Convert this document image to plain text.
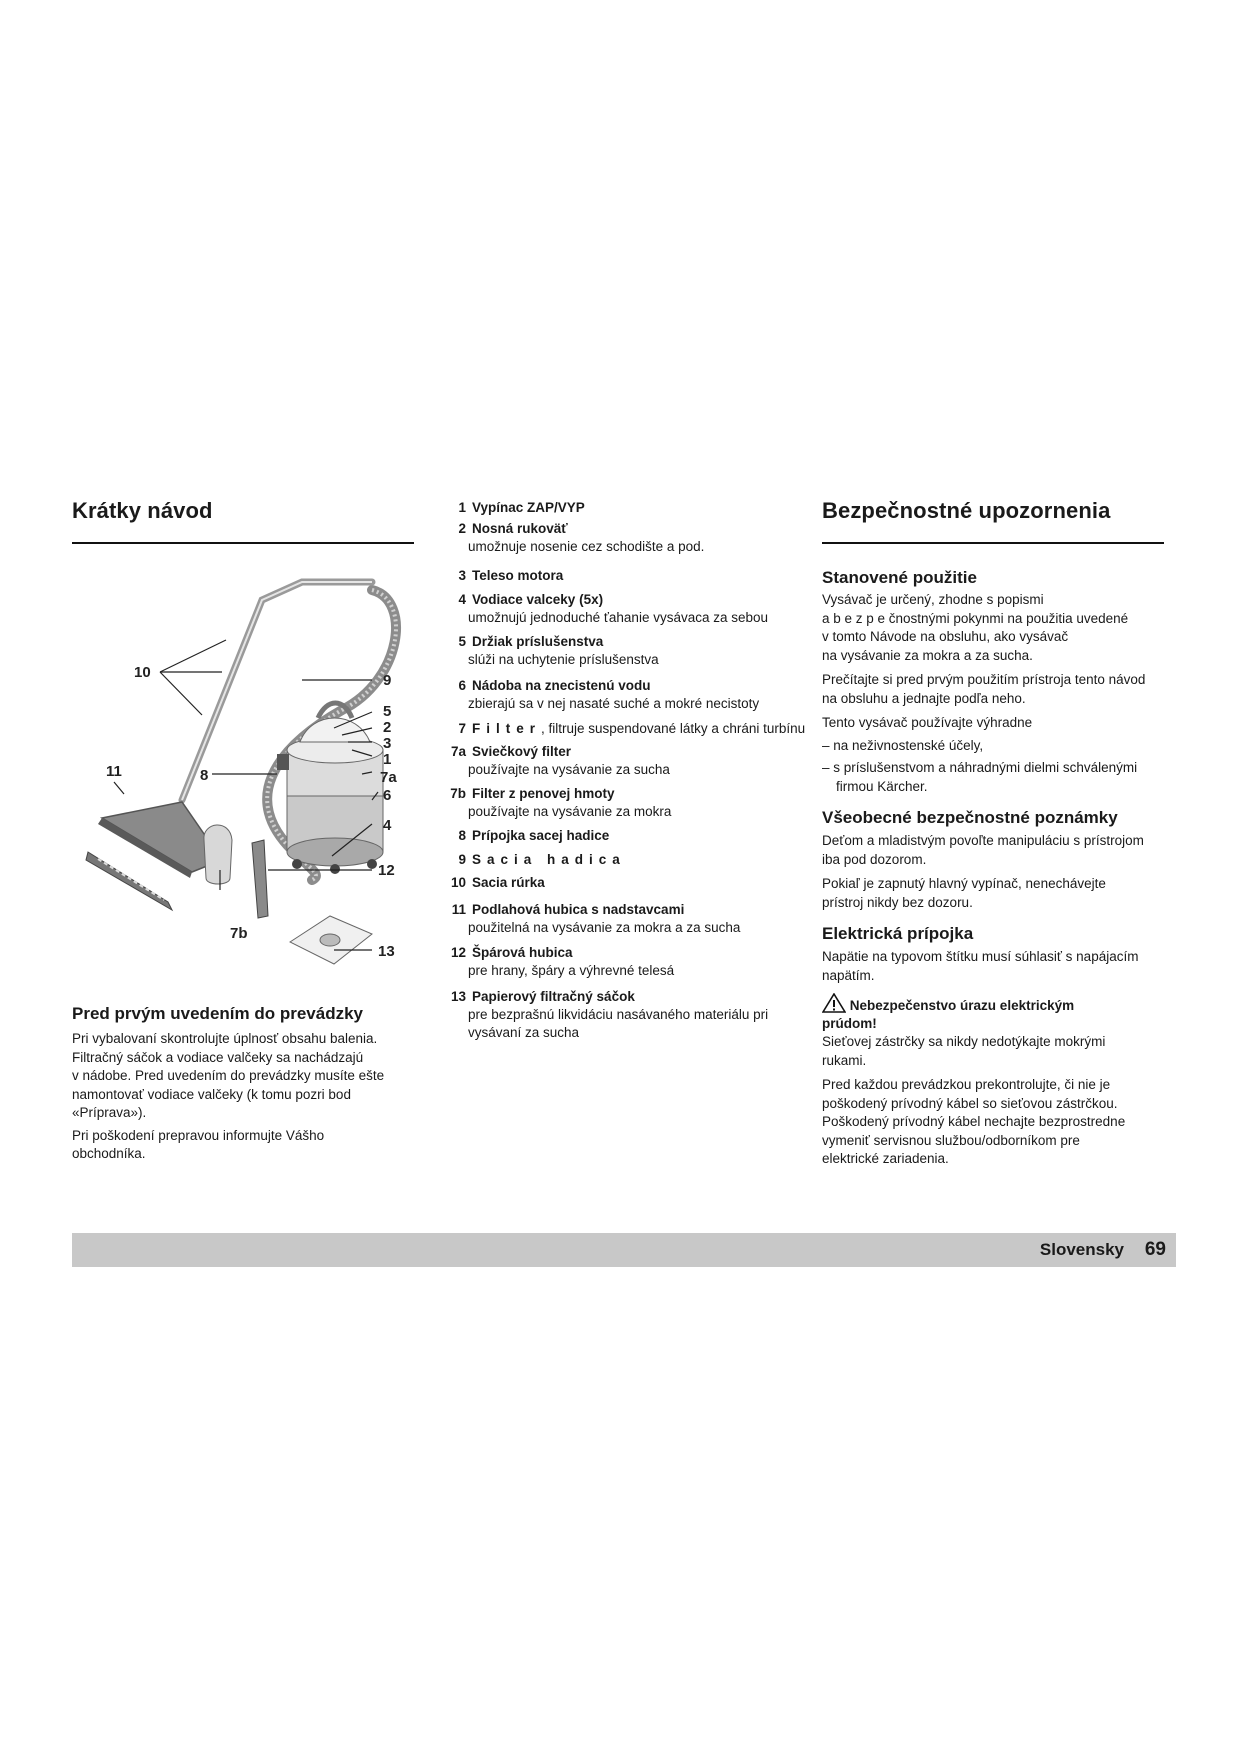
Krátky návod
10	9
5
2
3
1
7a
6
4
11	8
12
13
7b
Pred prvým uvedením do prevádzky

Pri vybalovaní skontrolujte úplnosť obsahu balenia.

Filtračný sáčok a vodiace valčeky sa nachádzajú

v nádobe. Pred uvedením do prevádzky musíte ešte

namontovať vodiace valčeky (k tomu pozri bod

«Príprava»).

Pri poškodení prepravou informujte Vášho

obchodníka.

1 Vypínac ZAP/VYP
2 Nosná rukoväť
umožnuje nosenie cez schodište a pod.
3 Teleso motora
4 Vodiace valceky (5x)
umožnujú jednoduché ťahanie vysávaca za sebou
5 Držiak príslušenstva
slúži na uchytenie príslušenstva
6 Nádoba na znecistenú vodu
zbierajú sa v nej nasaté suché a mokré necistoty
7 Filter, filtruje suspendované látky a chráni turbínu
7a Sviečkový filter
používajte na vysávanie za sucha
7b Filter z penovej hmoty
používajte na vysávanie za mokra
8 Prípojka sacej hadice
9 Sacia hadica
10 Sacia rúrka
11 Podlahová hubica s nadstavcami
použitelná na vysávanie za mokra a za sucha
12 Špárová hubica
pre hrany, špáry a výhrevné telesá
13 Papierový filtračný sáčok
pre bezprašnú likvidáciu nasávaného materiálu pri
vysávaní za sucha
Bezpečnostné upozornenia
Stanovené použitie

Vysávač je určený, zhodne s popismi

a b e z p e čnostnými pokynmi na použitia uvedené

v tomto Návode na obsluhu, ako vysávač

na vysávanie za mokra a za sucha.

Prečítajte si pred prvým použitím prístroja tento návod

na obsluhu a jednajte podľa neho.

Tento vysávač používajte výhradne

– na neživnostenské účely,

– s príslušenstvom a náhradnými dielmi schválenými

firmou Kärcher.

Všeobecné bezpečnostné poznámky

Deťom a mladistvým povoľte manipuláciu s prístrojom

iba pod dozorom.

Pokiaľ je zapnutý hlavný vypínač, nenechávejte

prístroj nikdy bez dozoru.

Elektrická prípojka

Napätie na typovom štítku musí súhlasiť s napájacím

napätím.

Nebezpečenstvo úrazu elektrickým
prúdom!

Sieťovej zástrčky sa nikdy nedotýkajte mokrými

rukami.

Pred každou prevádzkou prekontrolujte, či nie je

poškodený prívodný kábel so sieťovou zástrčkou.

Poškodený prívodný kábel nechajte bezprostredne

vymeniť servisnou službou/odborníkom pre

elektrické zariadenia.

Slovensky 69
